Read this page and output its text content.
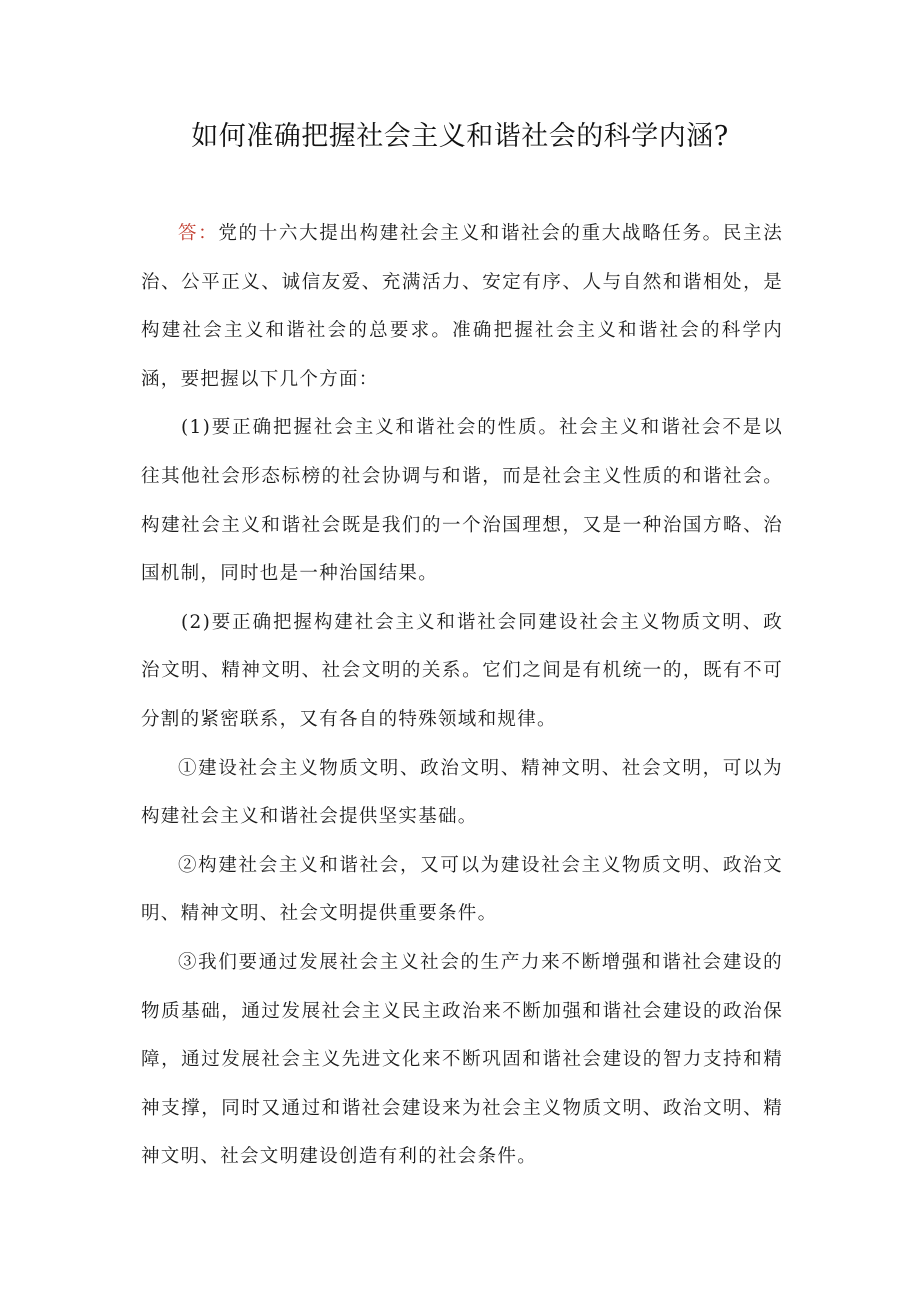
如何准确把握社会主义和谐社会的科学内涵?

答：党的十六大提出构建社会主义和谐社会的重大战略任务。民主法治、公平正义、诚信友爱、充满活力、安定有序、人与自然和谐相处，是构建社会主义和谐社会的总要求。准确把握社会主义和谐社会的科学内涵，要把握以下几个方面：

(1)要正确把握社会主义和谐社会的性质。社会主义和谐社会不是以往其他社会形态标榜的社会协调与和谐，而是社会主义性质的和谐社会。构建社会主义和谐社会既是我们的一个治国理想，又是一种治国方略、治国机制，同时也是一种治国结果。

(2)要正确把握构建社会主义和谐社会同建设社会主义物质文明、政治文明、精神文明、社会文明的关系。它们之间是有机统一的，既有不可分割的紧密联系，又有各自的特殊领域和规律。

①建设社会主义物质文明、政治文明、精神文明、社会文明，可以为构建社会主义和谐社会提供坚实基础。

②构建社会主义和谐社会，又可以为建设社会主义物质文明、政治文明、精神文明、社会文明提供重要条件。

③我们要通过发展社会主义社会的生产力来不断增强和谐社会建设的物质基础，通过发展社会主义民主政治来不断加强和谐社会建设的政治保障，通过发展社会主义先进文化来不断巩固和谐社会建设的智力支持和精神支撑，同时又通过和谐社会建设来为社会主义物质文明、政治文明、精神文明、社会文明建设创造有利的社会条件。
